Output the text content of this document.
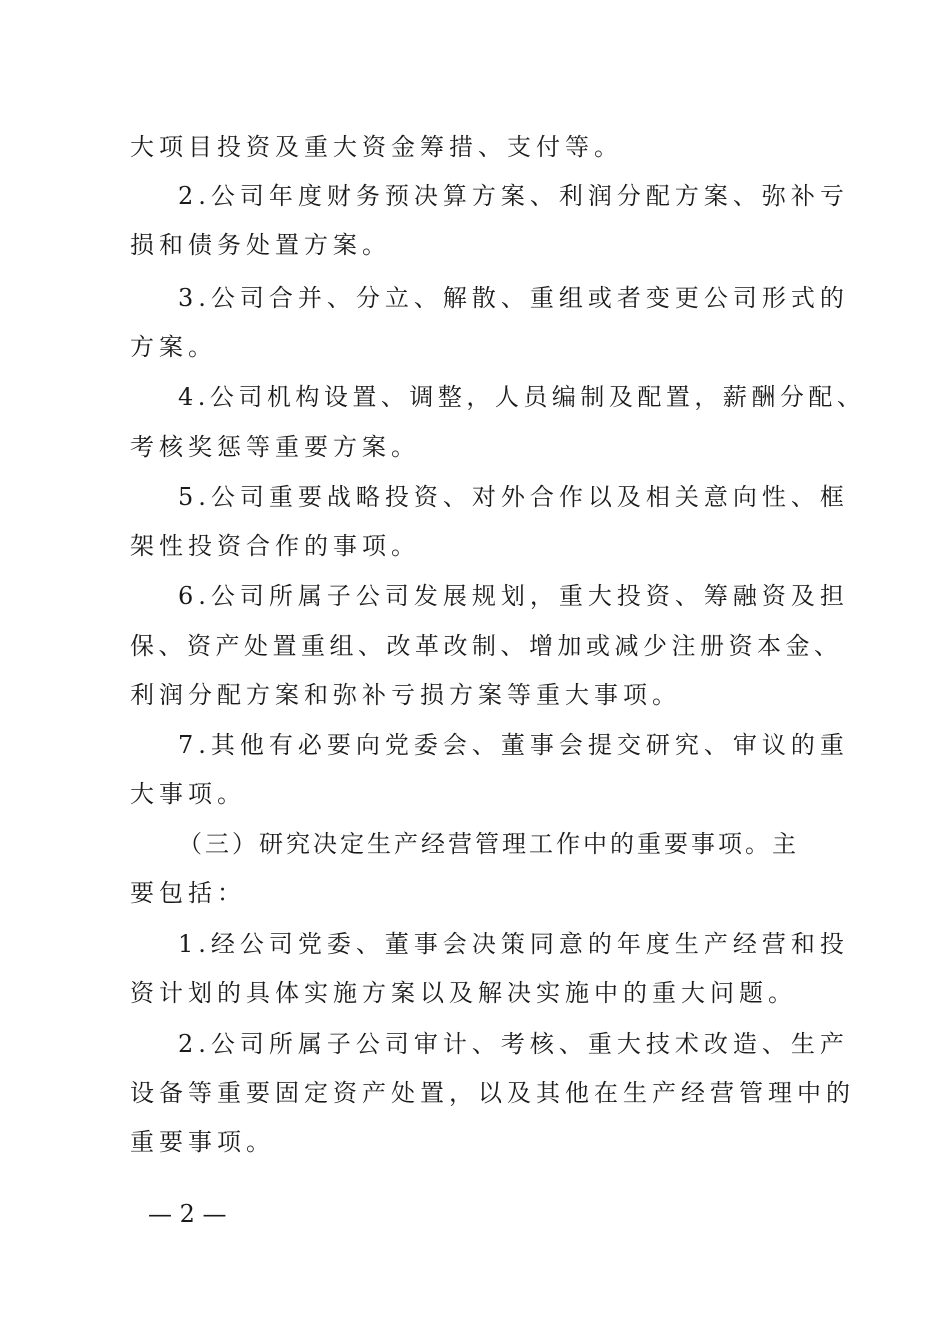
大项目投资及重大资金筹措、支付等。
2.公司年度财务预决算方案、利润分配方案、弥补亏
损和债务处置方案。
3.公司合并、分立、解散、重组或者变更公司形式的
方案。
4.公司机构设置、调整，人员编制及配置，薪酬分配、
考核奖惩等重要方案。
5.公司重要战略投资、对外合作以及相关意向性、框
架性投资合作的事项。
6.公司所属子公司发展规划，重大投资、筹融资及担
保、资产处置重组、改革改制、增加或减少注册资本金、
利润分配方案和弥补亏损方案等重大事项。
7.其他有必要向党委会、董事会提交研究、审议的重
大事项。
（三）研究决定生产经营管理工作中的重要事项。主
要包括：
1.经公司党委、董事会决策同意的年度生产经营和投
资计划的具体实施方案以及解决实施中的重大问题。
2.公司所属子公司审计、考核、重大技术改造、生产
设备等重要固定资产处置，以及其他在生产经营管理中的
重要事项。
— 2 —
